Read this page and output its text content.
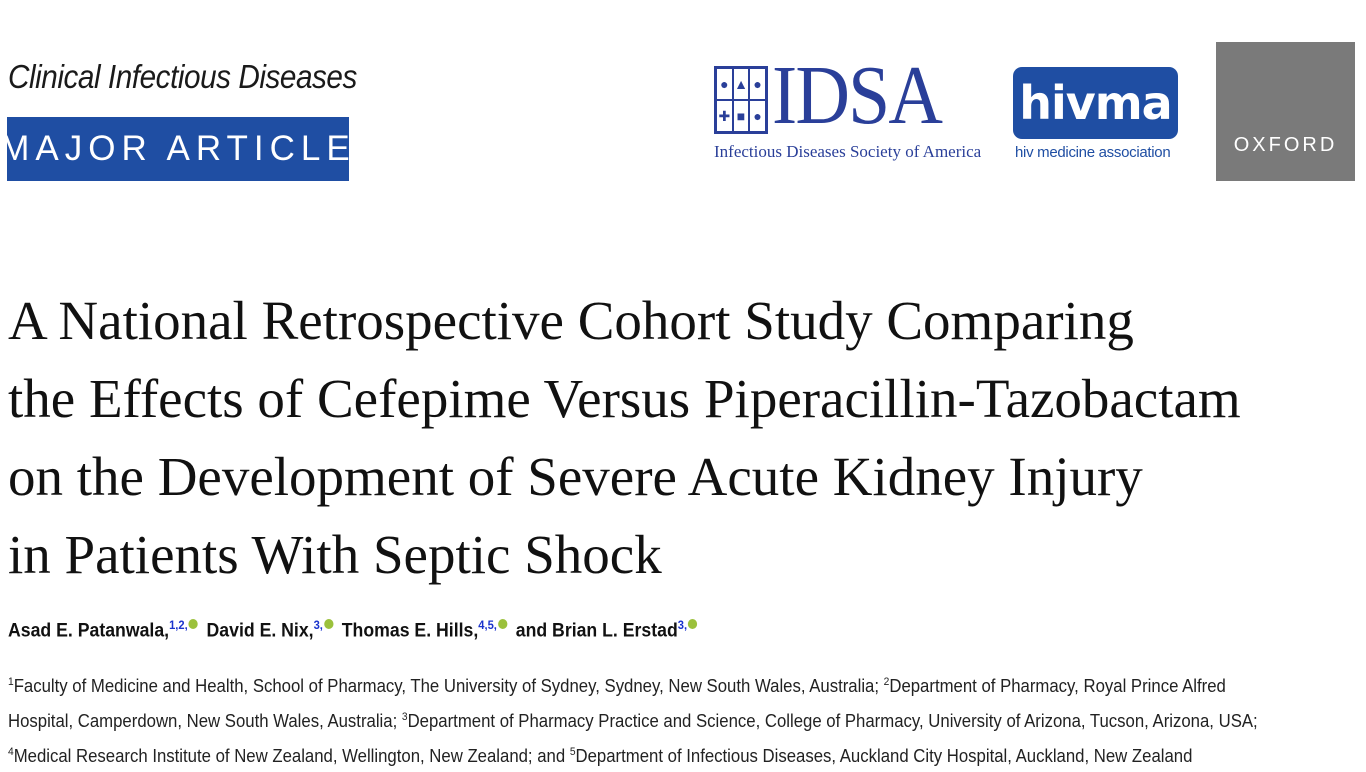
Clinical Infectious Diseases
MAJOR ARTICLE
● ▲ ●
✚ ■ ● IDSA
Infectious Diseases Society of America
hivma
hiv medicine association	OXFORD
A National Retrospective Cohort Study Comparing
the Effects of Cefepime Versus Piperacillin-Tazobactam
on the Development of Severe Acute Kidney Injury
in Patients With Septic Shock
Asad E. Patanwala,$^{1,2,}$ David E. Nix,$^{3,}$ Thomas E. Hills,$^{4,5,}$ and Brian L. Erstad$^{3,}$
$^1$Faculty of Medicine and Health, School of Pharmacy, The University of Sydney, Sydney, New South Wales, Australia; $^2$Department of Pharmacy, Royal Prince Alfred Hospital, Camperdown, New South Wales, Australia; $^3$Department of Pharmacy Practice and Science, College of Pharmacy, University of Arizona, Tucson, Arizona, USA; $^4$Medical Research Institute of New Zealand, Wellington, New Zealand; and $^5$Department of Infectious Diseases, Auckland City Hospital, Auckland, New Zealand
